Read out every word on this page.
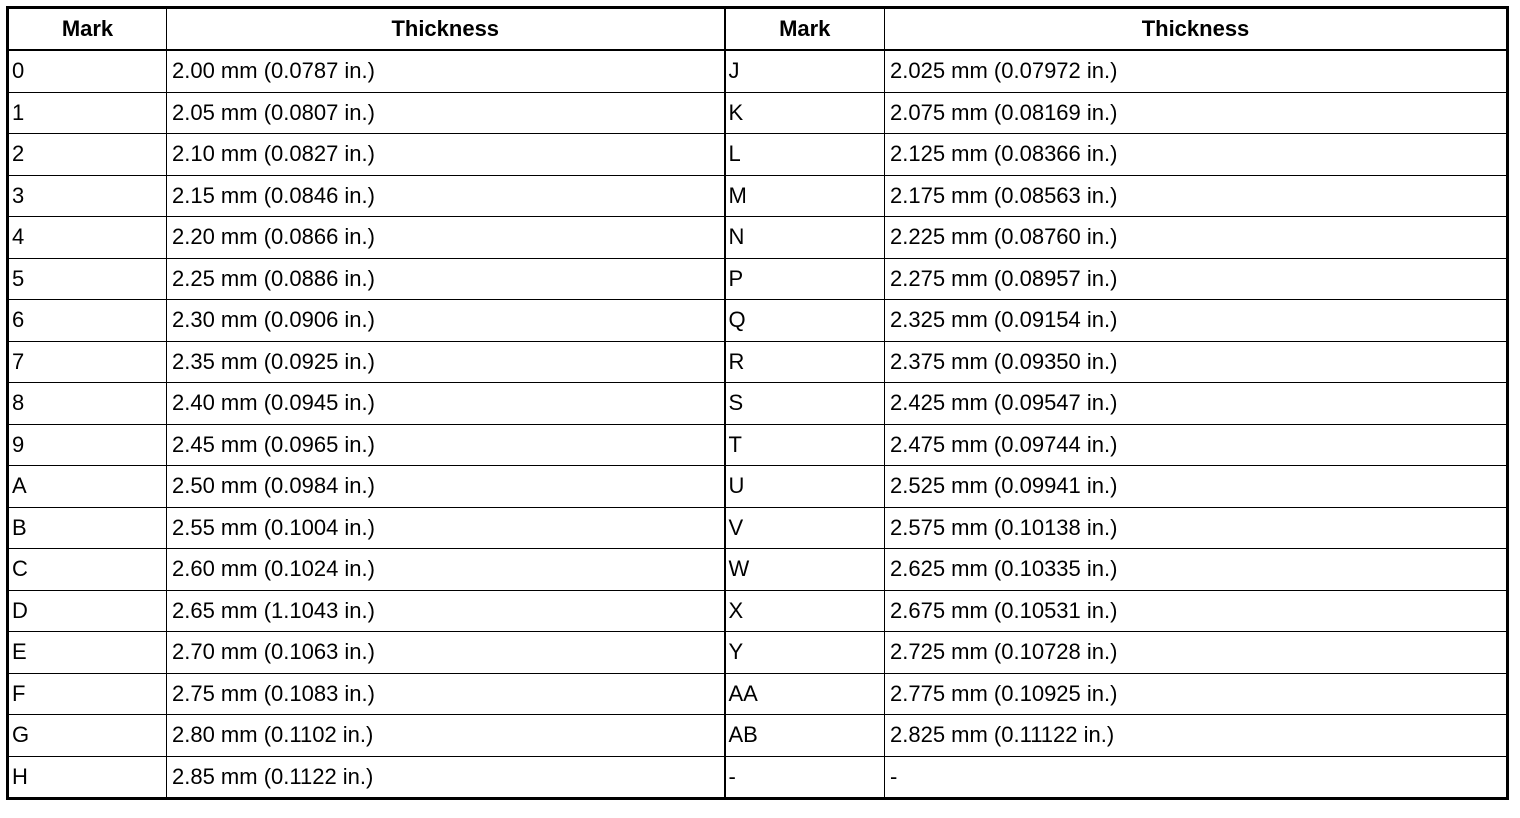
Mark	Thickness	Mark	Thickness
0	2.00 mm (0.0787 in.)	J	2.025 mm (0.07972 in.)
1	2.05 mm (0.0807 in.)	K	2.075 mm (0.08169 in.)
2	2.10 mm (0.0827 in.)	L	2.125 mm (0.08366 in.)
3	2.15 mm (0.0846 in.)	M	2.175 mm (0.08563 in.)
4	2.20 mm (0.0866 in.)	N	2.225 mm (0.08760 in.)
5	2.25 mm (0.0886 in.)	P	2.275 mm (0.08957 in.)
6	2.30 mm (0.0906 in.)	Q	2.325 mm (0.09154 in.)
7	2.35 mm (0.0925 in.)	R	2.375 mm (0.09350 in.)
8	2.40 mm (0.0945 in.)	S	2.425 mm (0.09547 in.)
9	2.45 mm (0.0965 in.)	T	2.475 mm (0.09744 in.)
A	2.50 mm (0.0984 in.)	U	2.525 mm (0.09941 in.)
B	2.55 mm (0.1004 in.)	V	2.575 mm (0.10138 in.)
C	2.60 mm (0.1024 in.)	W	2.625 mm (0.10335 in.)
D	2.65 mm (1.1043 in.)	X	2.675 mm (0.10531 in.)
E	2.70 mm (0.1063 in.)	Y	2.725 mm (0.10728 in.)
F	2.75 mm (0.1083 in.)	AA	2.775 mm (0.10925 in.)
G	2.80 mm (0.1102 in.)	AB	2.825 mm (0.11122 in.)
H	2.85 mm (0.1122 in.)	-	-
